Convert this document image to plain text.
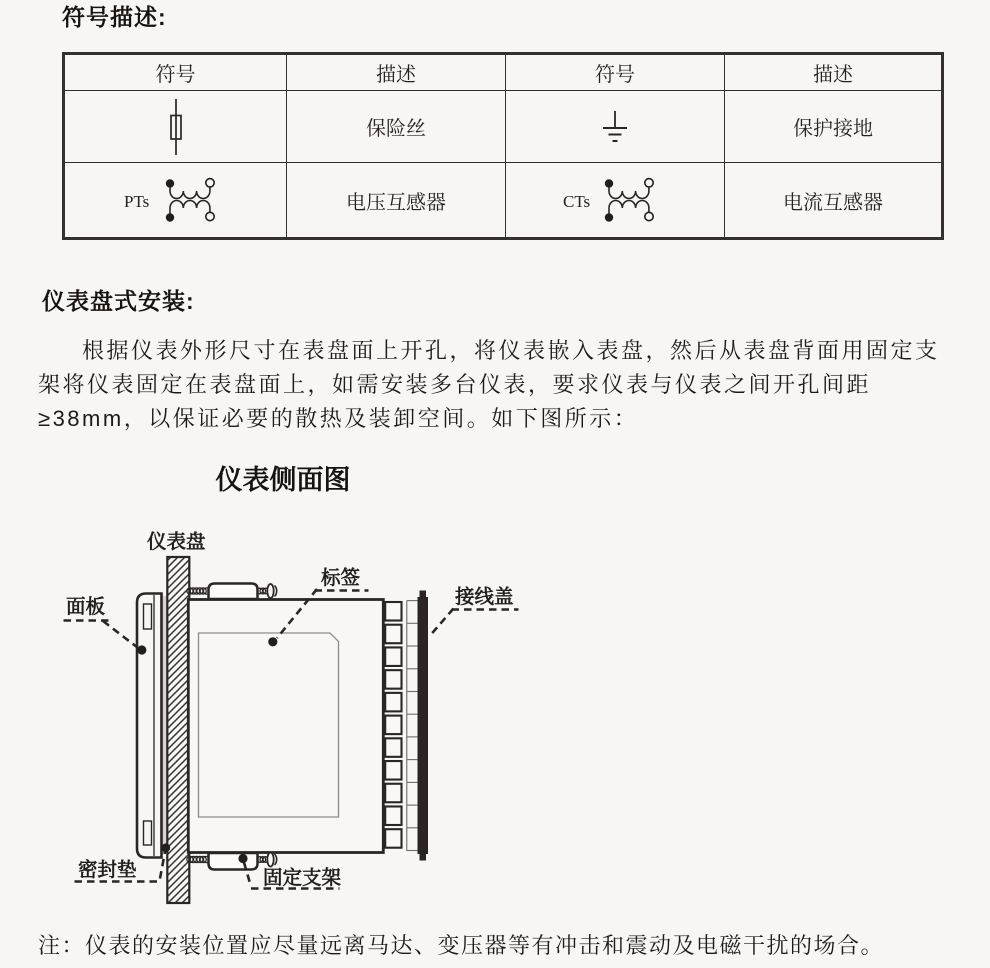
符号描述:
符号	描述	符号	描述

	保险丝		保护接地

PTs	电压互感器	CTs	电流互感器
仪表盘式安装:
根据仪表外形尺寸在表盘面上开孔，将仪表嵌入表盘，然后从表盘背面用固定支架将仪表固定在表盘面上，如需安装多台仪表，要求仪表与仪表之间开孔间距≥38mm，以保证必要的散热及装卸空间。如下图所示：
仪表侧面图
仪表盘
面板
标签
接线盖
密封垫	固定支架
注：仪表的安装位置应尽量远离马达、变压器等有冲击和震动及电磁干扰的场合。
